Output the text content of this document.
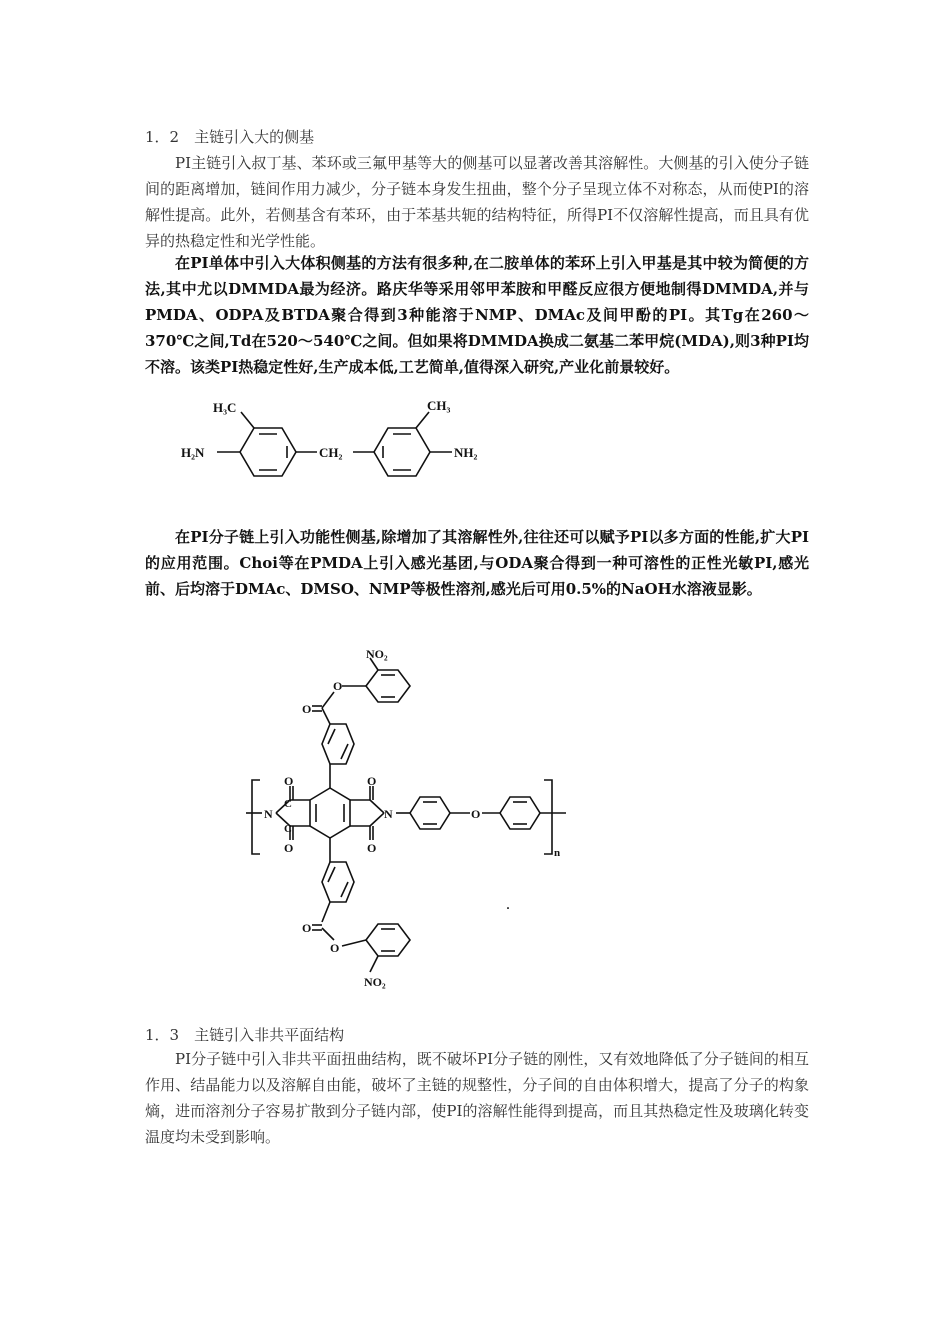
1．2　主链引入大的侧基

PI主链引入叔丁基、苯环或三氟甲基等大的侧基可以显著改善其溶解性。大侧基的引入使分子链间的距离增加，链间作用力减少，分子链本身发生扭曲，整个分子呈现立体不对称态，从而使PI的溶解性提高。此外，若侧基含有苯环，由于苯基共轭的结构特征，所得PI不仅溶解性提高，而且具有优异的热稳定性和光学性能。

在PI单体中引入大体积侧基的方法有很多种,在二胺单体的苯环上引入甲基是其中较为简便的方法,其中尤以DMMDA最为经济。路庆华等采用邻甲苯胺和甲醛反应很方便地制得DMMDA,并与PMDA、ODPA及BTDA聚合得到3种能溶于NMP、DMAc及间甲酚的PI。其Tg在260～370℃之间,Td在520～540℃之间。但如果将DMMDA换成二氨基二苯甲烷(MDA),则3种PI均不溶。该类PI热稳定性好,生产成本低,工艺简单,值得深入研究,产业化前景较好。

H₃C	CH₃
H₂N	CH₂	NH₂

在PI分子链上引入功能性侧基,除增加了其溶解性外,往往还可以赋予PI以多方面的性能,扩大PI的应用范围。Choi等在PMDA上引入感光基团,与ODA聚合得到一种可溶性的正性光敏PI,感光前、后均溶于DMAc、DMSO、NMP等极性溶剂,感光后可用0.5%的NaOH水溶液显影。

NO₂
O
O
O
O
C
C
N
O
O
N	O
n
O
O
NO₂
·
1．3　主链引入非共平面结构

PI分子链中引入非共平面扭曲结构，既不破坏PI分子链的刚性，又有效地降低了分子链间的相互作用、结晶能力以及溶解自由能，破坏了主链的规整性，分子间的自由体积增大，提高了分子的构象熵，进而溶剂分子容易扩散到分子链内部，使PI的溶解性能得到提高，而且其热稳定性及玻璃化转变温度均未受到影响。
